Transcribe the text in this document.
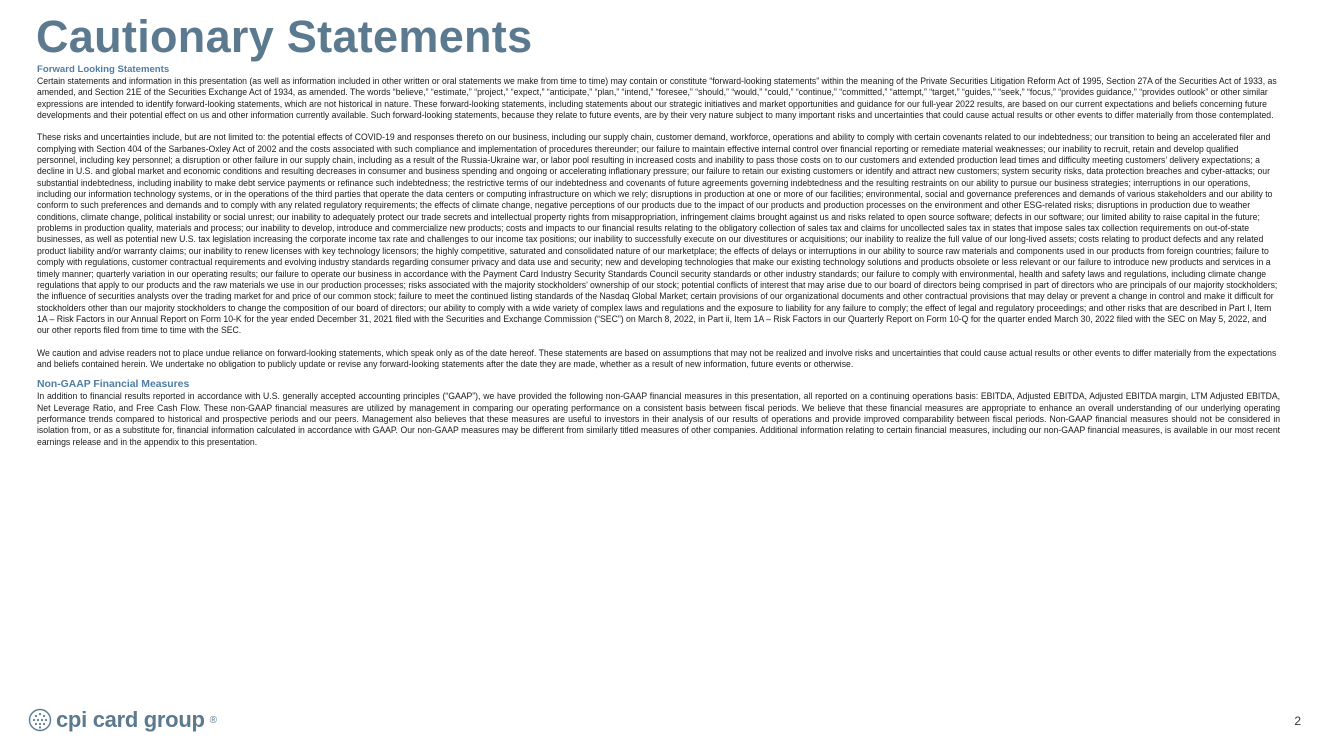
Cautionary Statements

Forward Looking Statements

Certain statements and information in this presentation (as well as information included in other written or oral statements we make from time to time) may contain or constitute “forward-looking statements” within the meaning of the Private Securities Litigation Reform Act of 1995, Section 27A of the Securities Act of 1933, as amended, and Section 21E of the Securities Exchange Act of 1934, as amended. The words “believe,” “estimate,” “project,” “expect,” “anticipate,” “plan,” “intend,” “foresee,” “should,” “would,” “could,” “continue,” “committed,” “attempt,” “target,” “guides,” “seek,” “focus,” “provides guidance,” “provides outlook” or other similar expressions are intended to identify forward-looking statements, which are not historical in nature. These forward-looking statements, including statements about our strategic initiatives and market opportunities and guidance for our full-year 2022 results, are based on our current expectations and beliefs concerning future developments and their potential effect on us and other information currently available. Such forward-looking statements, because they relate to future events, are by their very nature subject to many important risks and uncertainties that could cause actual results or other events to differ materially from those contemplated.

These risks and uncertainties include, but are not limited to: the potential effects of COVID-19 and responses thereto on our business, including our supply chain, customer demand, workforce, operations and ability to comply with certain covenants related to our indebtedness; our transition to being an accelerated filer and complying with Section 404 of the Sarbanes-Oxley Act of 2002 and the costs associated with such compliance and implementation of procedures thereunder; our failure to maintain effective internal control over financial reporting or remediate material weaknesses; our inability to recruit, retain and develop qualified personnel, including key personnel; a disruption or other failure in our supply chain, including as a result of the Russia-Ukraine war, or labor pool resulting in increased costs and inability to pass those costs on to our customers and extended production lead times and difficulty meeting customers’ delivery expectations; a decline in U.S. and global market and economic conditions and resulting decreases in consumer and business spending and ongoing or accelerating inflationary pressure; our failure to retain our existing customers or identify and attract new customers; system security risks, data protection breaches and cyber-attacks; our substantial indebtedness, including inability to make debt service payments or refinance such indebtedness; the restrictive terms of our indebtedness and covenants of future agreements governing indebtedness and the resulting restraints on our ability to pursue our business strategies; interruptions in our operations, including our information technology systems, or in the operations of the third parties that operate the data centers or computing infrastructure on which we rely; disruptions in production at one or more of our facilities; environmental, social and governance preferences and demands of various stakeholders and our ability to conform to such preferences and demands and to comply with any related regulatory requirements; the effects of climate change, negative perceptions of our products due to the impact of our products and production processes on the environment and other ESG-related risks; disruptions in production due to weather conditions, climate change, political instability or social unrest; our inability to adequately protect our trade secrets and intellectual property rights from misappropriation, infringement claims brought against us and risks related to open source software; defects in our software; our limited ability to raise capital in the future; problems in production quality, materials and process; our inability to develop, introduce and commercialize new products; costs and impacts to our financial results relating to the obligatory collection of sales tax and claims for uncollected sales tax in states that impose sales tax collection requirements on out-of-state businesses, as well as potential new U.S. tax legislation increasing the corporate income tax rate and challenges to our income tax positions; our inability to successfully execute on our divestitures or acquisitions; our inability to realize the full value of our long-lived assets; costs relating to product defects and any related product liability and/or warranty claims; our inability to renew licenses with key technology licensors; the highly competitive, saturated and consolidated nature of our marketplace; the effects of delays or interruptions in our ability to source raw materials and components used in our products from foreign countries; failure to comply with regulations, customer contractual requirements and evolving industry standards regarding consumer privacy and data use and security; new and developing technologies that make our existing technology solutions and products obsolete or less relevant or our failure to introduce new products and services in a timely manner; quarterly variation in our operating results; our failure to operate our business in accordance with the Payment Card Industry Security Standards Council security standards or other industry standards; our failure to comply with environmental, health and safety laws and regulations, including climate change regulations that apply to our products and the raw materials we use in our production processes; risks associated with the majority stockholders’ ownership of our stock; potential conflicts of interest that may arise due to our board of directors being comprised in part of directors who are principals of our majority stockholders; the influence of securities analysts over the trading market for and price of our common stock; failure to meet the continued listing standards of the Nasdaq Global Market; certain provisions of our organizational documents and other contractual provisions that may delay or prevent a change in control and make it difficult for stockholders other than our majority stockholders to change the composition of our board of directors; our ability to comply with a wide variety of complex laws and regulations and the exposure to liability for any failure to comply; the effect of legal and regulatory proceedings; and other risks that are described in Part I, Item 1A – Risk Factors in our Annual Report on Form 10-K for the year ended December 31, 2021 filed with the Securities and Exchange Commission (“SEC”) on March 8, 2022, in Part ii, Item 1A – Risk Factors in our Quarterly Report on Form 10-Q for the quarter ended March 30, 2022 filed with the SEC on May 5, 2022, and our other reports filed from time to time with the SEC.

We caution and advise readers not to place undue reliance on forward-looking statements, which speak only as of the date hereof. These statements are based on assumptions that may not be realized and involve risks and uncertainties that could cause actual results or other events to differ materially from the expectations and beliefs contained herein. We undertake no obligation to publicly update or revise any forward-looking statements after the date they are made, whether as a result of new information, future events or otherwise.

Non-GAAP Financial Measures

In addition to financial results reported in accordance with U.S. generally accepted accounting principles (“GAAP”), we have provided the following non-GAAP financial measures in this presentation, all reported on a continuing operations basis: EBITDA, Adjusted EBITDA, Adjusted EBITDA margin, LTM Adjusted EBITDA, Net Leverage Ratio, and Free Cash Flow. These non-GAAP financial measures are utilized by management in comparing our operating performance on a consistent basis between fiscal periods. We believe that these financial measures are appropriate to enhance an overall understanding of our underlying operating performance trends compared to historical and prospective periods and our peers. Management also believes that these measures are useful to investors in their analysis of our results of operations and provide improved comparability between fiscal periods. Non-GAAP financial measures should not be considered in isolation from, or as a substitute for, financial information calculated in accordance with GAAP. Our non-GAAP measures may be different from similarly titled measures of other companies. Additional information relating to certain financial measures, including our non-GAAP financial measures, is available in our most recent earnings release and in the appendix to this presentation.

cpi card group ®	2
